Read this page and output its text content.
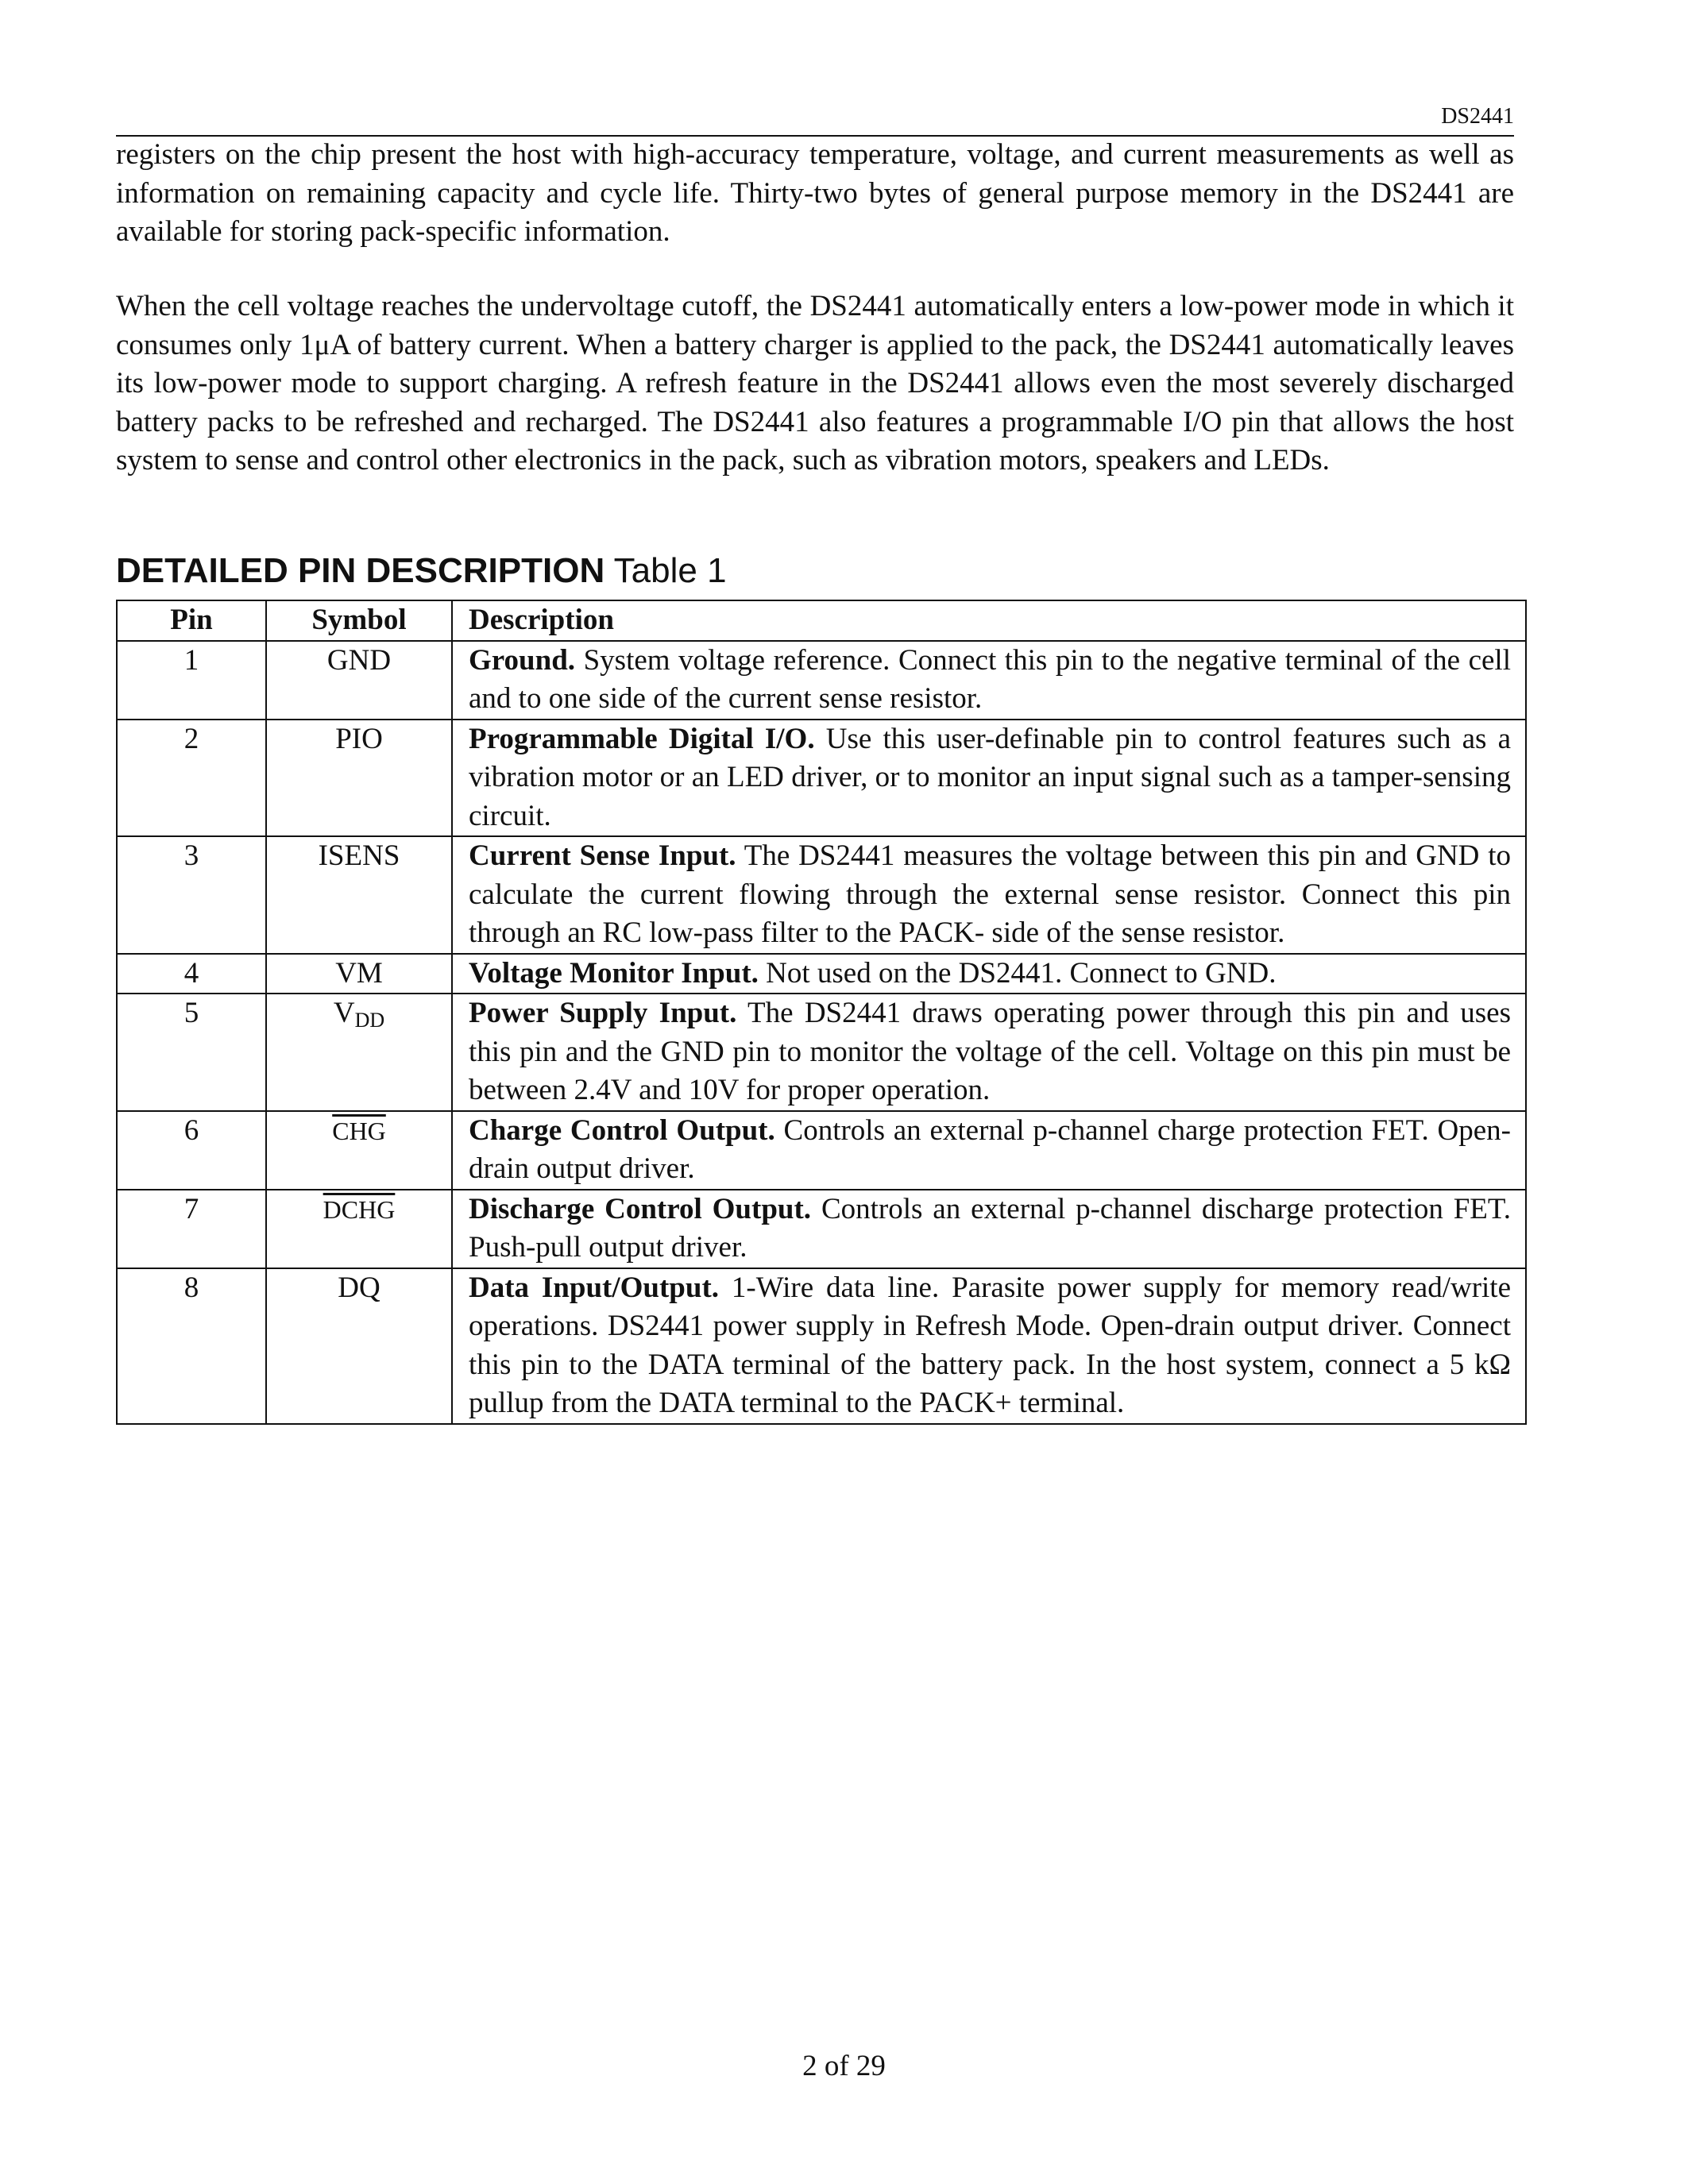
DS2441

registers on the chip present the host with high-accuracy temperature, voltage, and current measurements as well as information on remaining capacity and cycle life. Thirty-two bytes of general purpose memory in the DS2441 are available for storing pack-specific information.

When the cell voltage reaches the undervoltage cutoff, the DS2441 automatically enters a low-power mode in which it consumes only 1μA of battery current. When a battery charger is applied to the pack, the DS2441 automatically leaves its low-power mode to support charging. A refresh feature in the DS2441 allows even the most severely discharged battery packs to be refreshed and recharged. The DS2441 also features a programmable I/O pin that allows the host system to sense and control other electronics in the pack, such as vibration motors, speakers and LEDs.

DETAILED PIN DESCRIPTION Table 1
Pin	Symbol	Description
1	GND	Ground. System voltage reference. Connect this pin to the negative terminal of the cell and to one side of the current sense resistor.
2	PIO	Programmable Digital I/O. Use this user-definable pin to control features such as a vibration motor or an LED driver, or to monitor an input signal such as a tamper-sensing circuit.
3	ISENS	Current Sense Input. The DS2441 measures the voltage between this pin and GND to calculate the current flowing through the external sense resistor. Connect this pin through an RC low-pass filter to the PACK- side of the sense resistor.
4	VM	Voltage Monitor Input. Not used on the DS2441. Connect to GND.
5	$V_{DD}$	Power Supply Input. The DS2441 draws operating power through this pin and uses this pin and the GND pin to monitor the voltage of the cell. Voltage on this pin must be between 2.4V and 10V for proper operation.
6	$\overline{CHG}$	Charge Control Output. Controls an external p-channel charge protection FET. Open-drain output driver.
7	DCHG	Discharge Control Output. Controls an external p-channel discharge protection FET. Push-pull output driver.
8	DQ	Data Input/Output. 1-Wire data line. Parasite power supply for memory read/write operations. DS2441 power supply in Refresh Mode. Open-drain output driver. Connect this pin to the DATA terminal of the battery pack. In the host system, connect a 5 kΩ pullup from the DATA terminal to the PACK+ terminal.
2 of 29
